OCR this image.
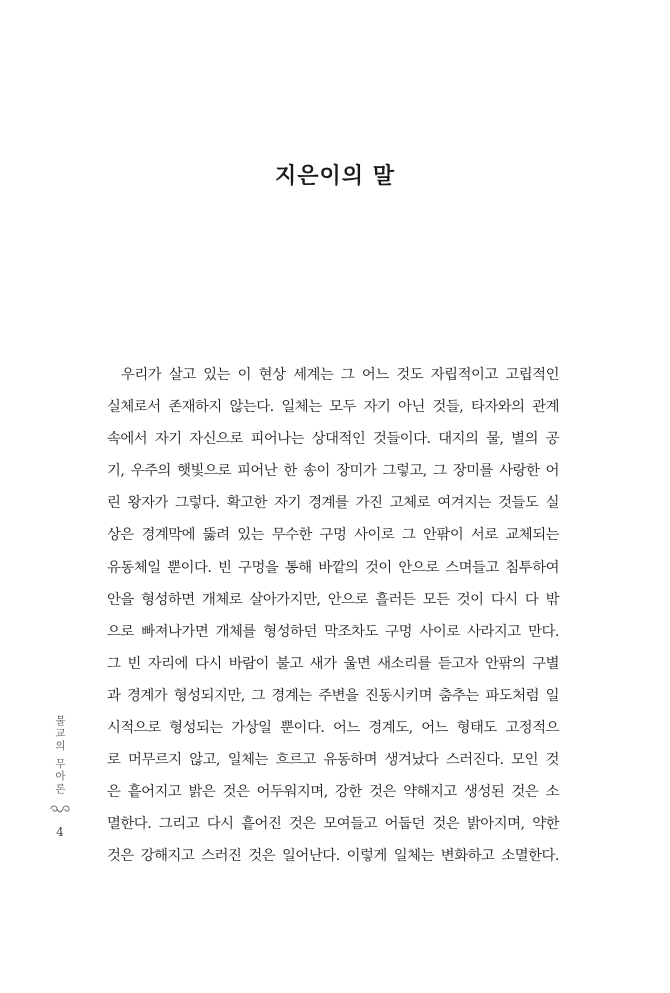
지은이의 말
우리가 살고 있는 이 현상 세계는 그 어느 것도 자립적이고 고립적인
실체로서 존재하지 않는다. 일체는 모두 자기 아닌 것들, 타자와의 관계
속에서 자기 자신으로 피어나는 상대적인 것들이다. 대지의 물, 별의 공
기, 우주의 햇빛으로 피어난 한 송이 장미가 그렇고, 그 장미를 사랑한 어
린 왕자가 그렇다. 확고한 자기 경계를 가진 고체로 여겨지는 것들도 실
상은 경계막에 뚫려 있는 무수한 구멍 사이로 그 안팎이 서로 교체되는
유동체일 뿐이다. 빈 구멍을 통해 바깥의 것이 안으로 스며들고 침투하여
안을 형성하면 개체로 살아가지만, 안으로 흘러든 모든 것이 다시 다 밖
으로 빠져나가면 개체를 형성하던 막조차도 구멍 사이로 사라지고 만다.
그 빈 자리에 다시 바람이 불고 새가 울면 새소리를 듣고자 안팎의 구별
과 경계가 형성되지만, 그 경계는 주변을 진동시키며 춤추는 파도처럼 일
시적으로 형성되는 가상일 뿐이다. 어느 경계도, 어느 형태도 고정적으
로 머무르지 않고, 일체는 흐르고 유동하며 생겨났다 스러진다. 모인 것
은 흩어지고 밝은 것은 어두워지며, 강한 것은 약해지고 생성된 것은 소
멸한다. 그리고 다시 흩어진 것은 모여들고 어둡던 것은 밝아지며, 약한
것은 강해지고 스러진 것은 일어난다. 이렇게 일체는 변화하고 소멸한다.
불교의 무아론
4
